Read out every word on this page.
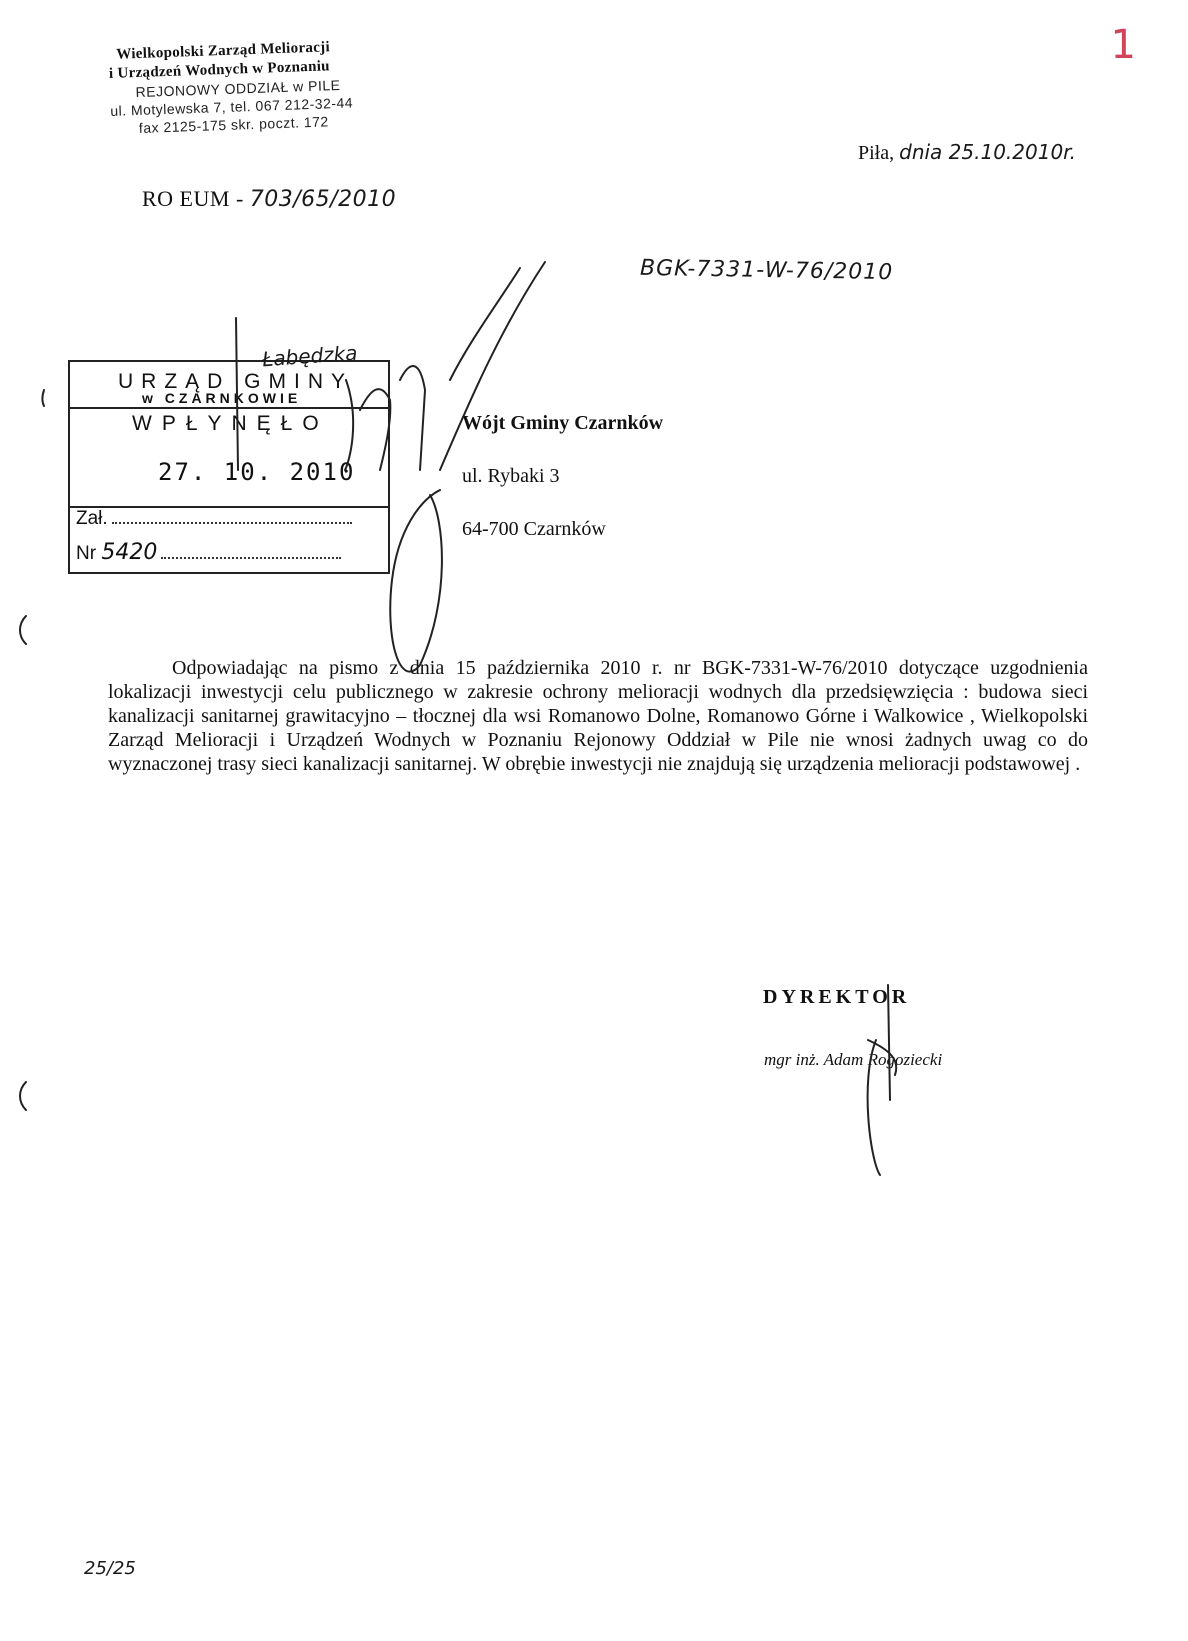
Wielkopolski Zarząd Melioracji
i Urządzeń Wodnych w Poznaniu
REJONOWY ODDZIAŁ w PILE
ul. Motylewska 7, tel. 067 212-32-44
fax 2125-175 skr. poczt. 172
1
Piła, dnia 25.10.2010r.
RO EUM - 703/65/2010
BGK-7331-W-76/2010
URZĄD GMINY
w CZARNKOWIE
WPŁYNĘŁO
27. 10. 2010
Zał.
Nr 5420
Łabędzka
Wójt Gminy Czarnków
ul. Rybaki 3
64-700 Czarnków
Odpowiadając na pismo z dnia 15 października 2010 r. nr BGK-7331-W-76/2010 dotyczące uzgodnienia lokalizacji inwestycji celu publicznego w zakresie ochrony melioracji wodnych dla przedsięwzięcia : budowa sieci kanalizacji sanitarnej grawitacyjno – tłocznej dla wsi Romanowo Dolne, Romanowo Górne i Walkowice , Wielkopolski Zarząd Melioracji i Urządzeń Wodnych w Poznaniu Rejonowy Oddział w Pile nie wnosi żadnych uwag co do wyznaczonej trasy sieci kanalizacji sanitarnej. W obrębie inwestycji nie znajdują się urządzenia melioracji podstawowej .
DYREKTOR
mgr inż. Adam Rogoziecki
25/25
